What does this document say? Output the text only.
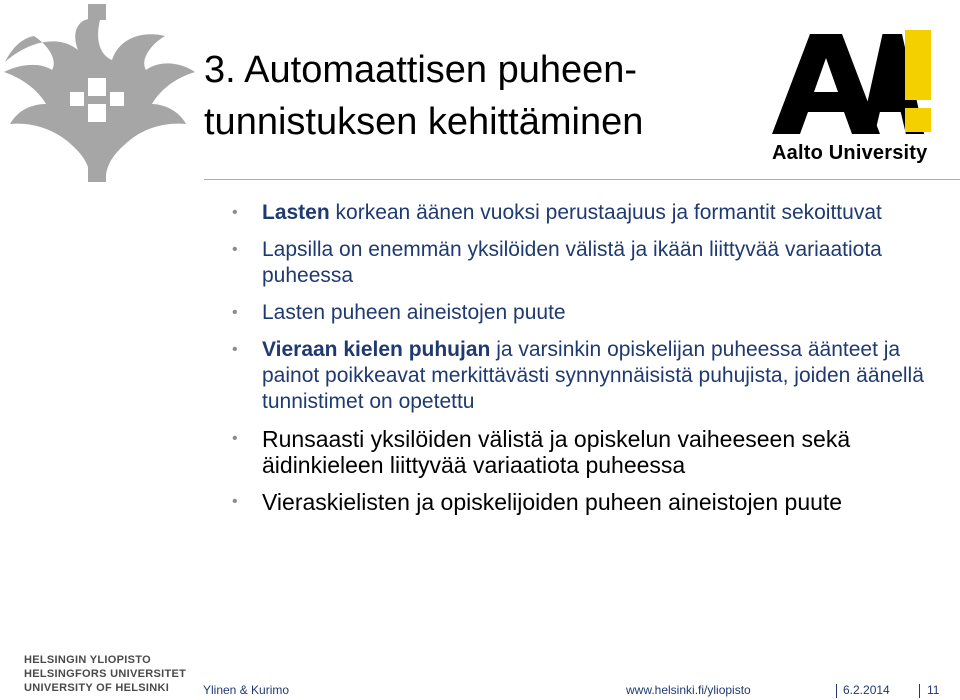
3. Automaattisen puheen-
tunnistuksen kehittäminen
Aalto University
•	Lasten korkean äänen vuoksi perustaajuus ja formantit sekoittuvat
•	Lapsilla on enemmän yksilöiden välistä ja ikään liittyvää variaatiota puheessa
•	Lasten puheen aineistojen puute
•	Vieraan kielen puhujan ja varsinkin opiskelijan puheessa äänteet ja painot poikkeavat merkittävästi synnynnäisistä puhujista, joiden äänellä tunnistimet on opetettu
•	Runsaasti yksilöiden välistä ja opiskelun vaiheeseen sekä äidinkieleen liittyvää variaatiota puheessa
•	Vieraskielisten ja opiskelijoiden puheen aineistojen puute
HELSINGIN YLIOPISTO
HELSINGFORS UNIVERSITET
UNIVERSITY OF HELSINKI	Ylinen & Kurimo	www.helsinki.fi/yliopisto	6.2.2014	11
